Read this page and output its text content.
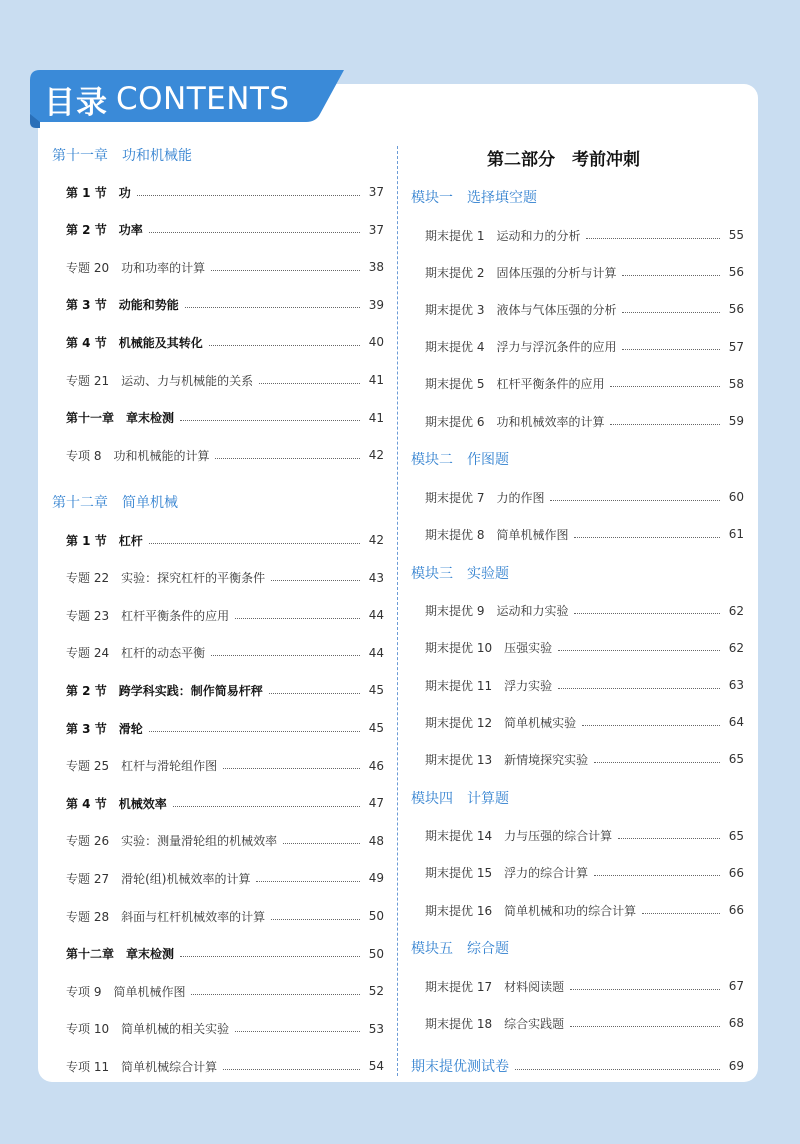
目录 CONTENTS
第十一章　功和机械能
第 1 节　功	37
第 2 节　功率	37
专题 20　功和功率的计算	38
第 3 节　动能和势能	39
第 4 节　机械能及其转化	40
专题 21　运动、力与机械能的关系	41
第十一章　章末检测	41
专项 8　功和机械能的计算	42
第十二章　简单机械
第 1 节　杠杆	42
专题 22　实验：探究杠杆的平衡条件	43
专题 23　杠杆平衡条件的应用	44
专题 24　杠杆的动态平衡	44
第 2 节　跨学科实践：制作简易杆秤	45
第 3 节　滑轮	45
专题 25　杠杆与滑轮组作图	46
第 4 节　机械效率	47
专题 26　实验：测量滑轮组的机械效率	48
专题 27　滑轮(组)机械效率的计算	49
专题 28　斜面与杠杆机械效率的计算	50
第十二章　章末检测	50
专项 9　简单机械作图	52
专项 10　简单机械的相关实验	53
专项 11　简单机械综合计算	54
第二部分　考前冲刺
模块一　选择填空题
期末提优 1　运动和力的分析	55
期末提优 2　固体压强的分析与计算	56
期末提优 3　液体与气体压强的分析	56
期末提优 4　浮力与浮沉条件的应用	57
期末提优 5　杠杆平衡条件的应用	58
期末提优 6　功和机械效率的计算	59
模块二　作图题
期末提优 7　力的作图	60
期末提优 8　简单机械作图	61
模块三　实验题
期末提优 9　运动和力实验	62
期末提优 10　压强实验	62
期末提优 11　浮力实验	63
期末提优 12　简单机械实验	64
期末提优 13　新情境探究实验	65
模块四　计算题
期末提优 14　力与压强的综合计算	65
期末提优 15　浮力的综合计算	66
期末提优 16　简单机械和功的综合计算	66
模块五　综合题
期末提优 17　材料阅读题	67
期末提优 18　综合实践题	68
期末提优测试卷	69
